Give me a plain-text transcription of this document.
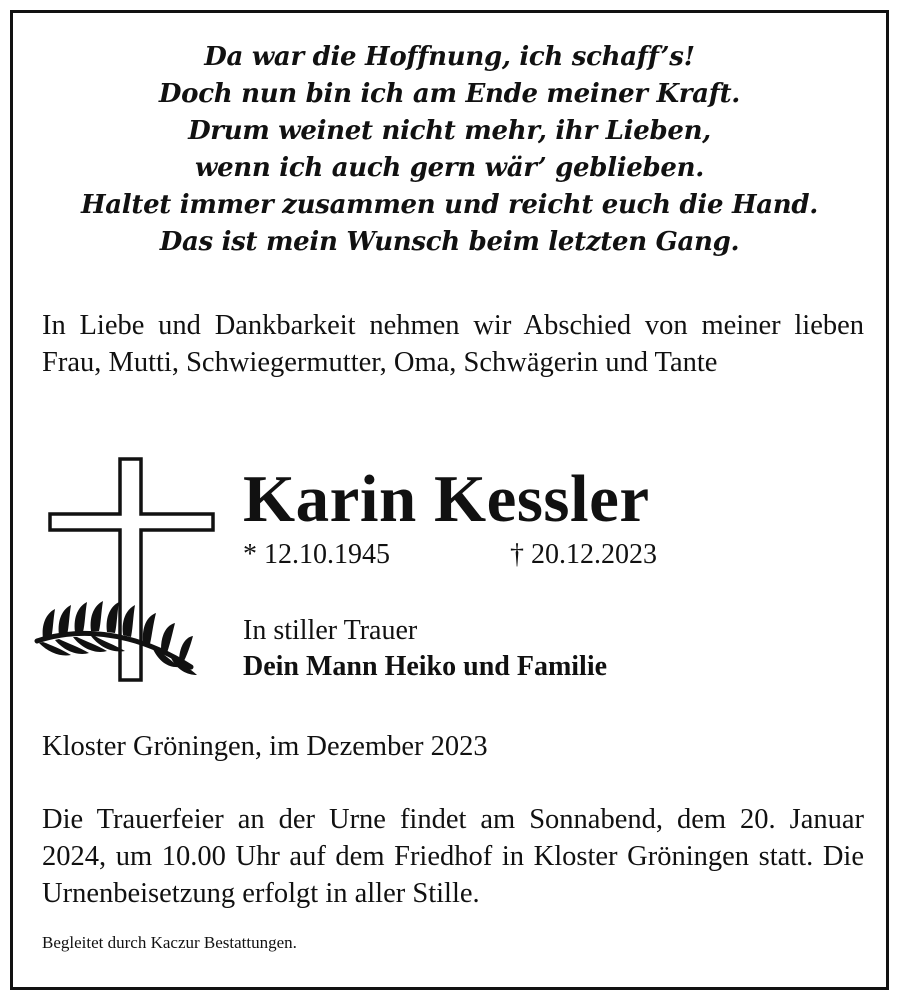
Da war die Hoffnung, ich schaff’s!
Doch nun bin ich am Ende meiner Kraft.
Drum weinet nicht mehr, ihr Lieben,
wenn ich auch gern wär’ geblieben.
Haltet immer zusammen und reicht euch die Hand.
Das ist mein Wunsch beim letzten Gang.

In Liebe und Dankbarkeit nehmen wir Abschied von meiner lieben Frau, Mutti, Schwiegermutter, Oma, Schwägerin und Tante

Karin Kessler
* 12.10.1945	† 20.12.2023

In stiller Trauer

Dein Mann Heiko und Familie

Kloster Gröningen, im Dezember 2023

Die Trauerfeier an der Urne findet am Sonnabend, dem 20. Januar 2024, um 10.00 Uhr auf dem Friedhof in Kloster Gröningen statt. Die Urnenbeisetzung erfolgt in aller Stille.

Begleitet durch Kaczur Bestattungen.
